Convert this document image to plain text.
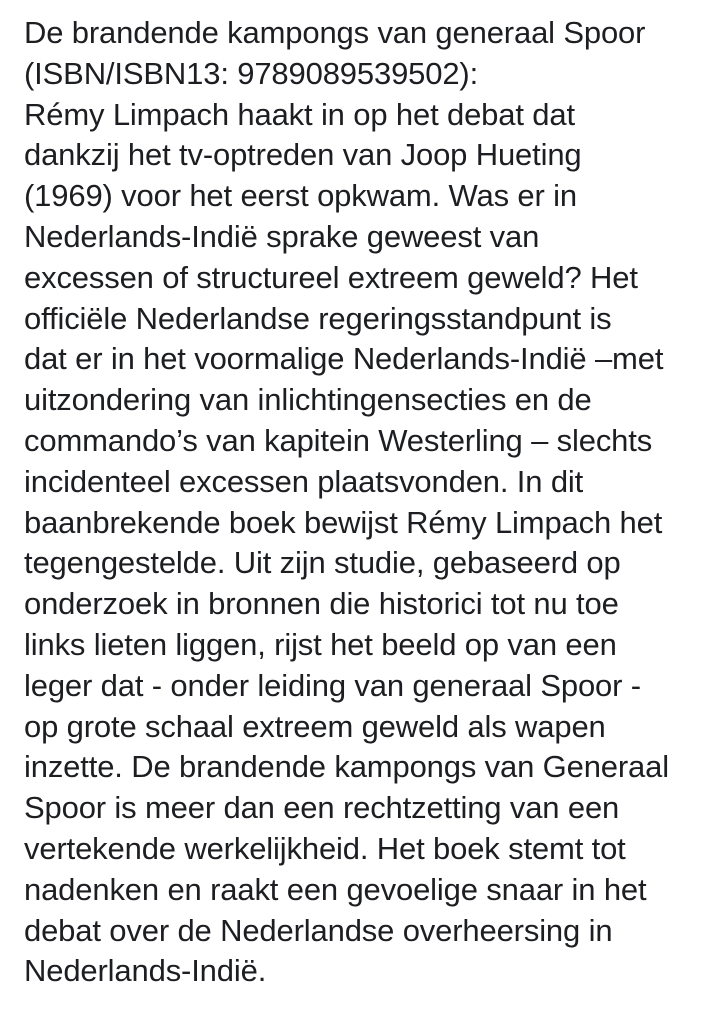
De brandende kampongs van generaal Spoor
(ISBN/ISBN13: 9789089539502):
Rémy Limpach haakt in op het debat dat
dankzij het tv-optreden van Joop Hueting
(1969) voor het eerst opkwam. Was er in
Nederlands-Indië sprake geweest van
excessen of structureel extreem geweld? Het
officiële Nederlandse regeringsstandpunt is
dat er in het voormalige Nederlands-Indië –met
uitzondering van inlichtingensecties en de
commando’s van kapitein Westerling – slechts
incidenteel excessen plaatsvonden. In dit
baanbrekende boek bewijst Rémy Limpach het
tegengestelde. Uit zijn studie, gebaseerd op
onderzoek in bronnen die historici tot nu toe
links lieten liggen, rijst het beeld op van een
leger dat - onder leiding van generaal Spoor -
op grote schaal extreem geweld als wapen
inzette. De brandende kampongs van Generaal
Spoor is meer dan een rechtzetting van een
vertekende werkelijkheid. Het boek stemt tot
nadenken en raakt een gevoelige snaar in het
debat over de Nederlandse overheersing in
Nederlands-Indië.
